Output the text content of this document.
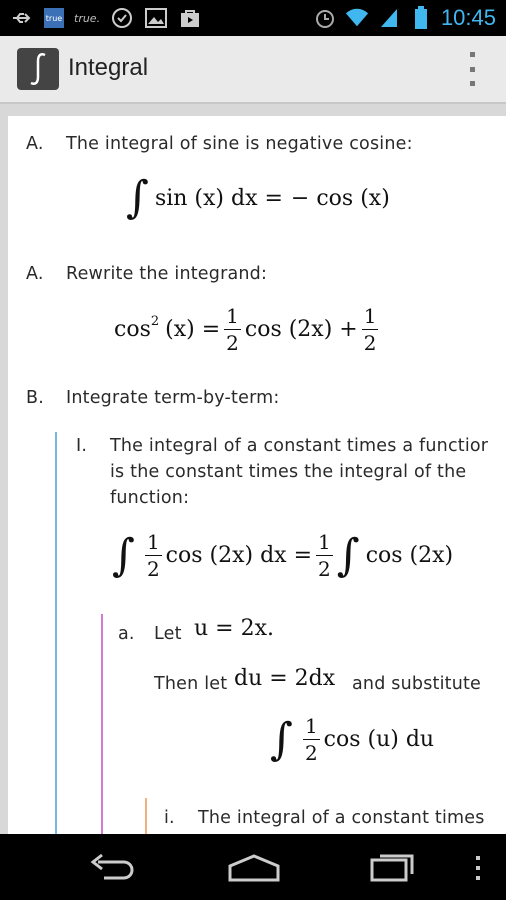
true true.	10:45
Integral
A. The integral of sine is negative cosine:
∫ sin (x) dx = − cos (x)
A. Rewrite the integrand:
$\cos^2 (x) = \frac{1}{2}$ $\cos (2x) + \frac{1}{2}$
B. Integrate term-by-term:
I. The integral of a constant times a functior
is the constant times the integral of the
function:
∫ $\frac{1}{2}$ cos (2x) dx = $\frac{1}{2}$ ∫ cos (2x)
a. Let u = 2x.
Then let du = 2dx and substitute
∫ $\frac{1}{2}$ cos (u) du
i. The integral of a constant times
